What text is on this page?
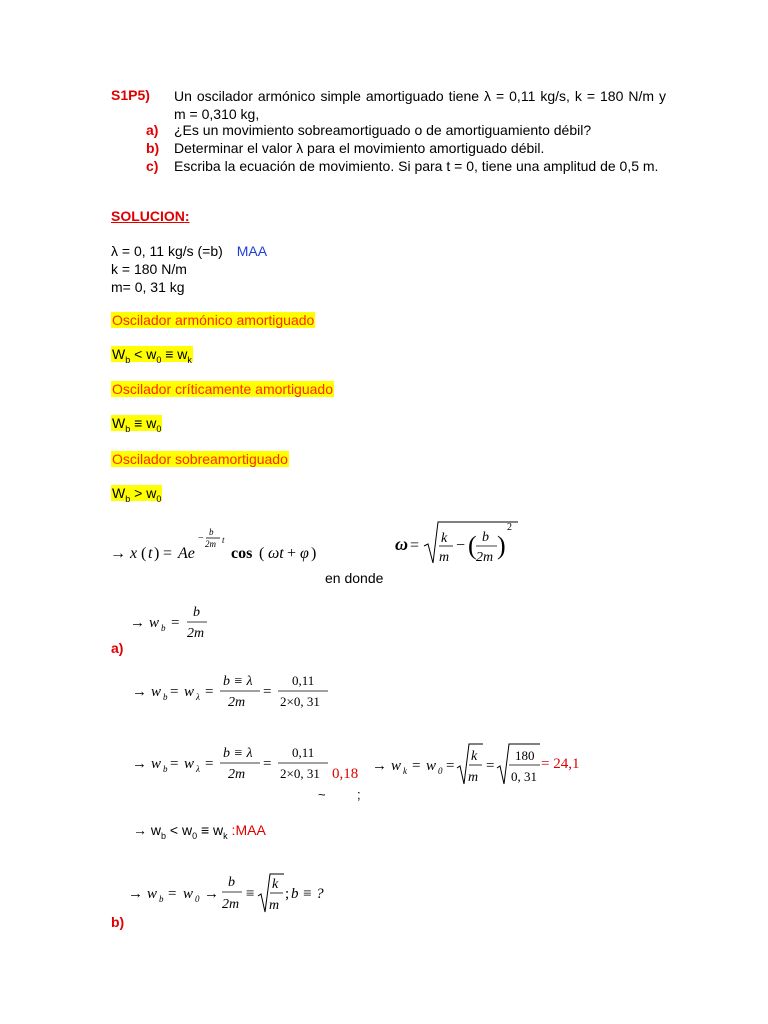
S1P5) Un oscilador armónico simple amortiguado tiene λ = 0,11 kg/s, k = 180 N/m y m = 0,310 kg,

a) ¿Es un movimiento sobreamortiguado o de amortiguamiento débil?
b) Determinar el valor λ para el movimiento amortiguado débil.
c) Escriba la ecuación de movimiento. Si para t = 0, tiene una amplitud de 0,5 m.
SOLUCION:
λ = 0, 11 kg/s (=b) MAA
k = 180 N/m
m= 0, 31 kg
Oscilador armónico amortiguado
$W_b < w_0 \equiv w_k$
Oscilador críticamente amortiguado
$W_b \equiv w_0$
Oscilador sobreamortiguado
$W_b > w_0$
→ x ( t ) = Ae
−
b
2m t
cos ( ωt + φ )	ω = k
m
− ( b
2m )
2
en donde
→ w b =
b
2m
a)
→ w b = w λ =
b ≡ λ
2m
=
0,11
2×0, 31
→ w b = w λ =
b ≡ λ
2m
=
0,11
2×0, 31 0,18
~ ;
→ w k = w 0 =
k
m
=
180
0, 31
= 24,1
→ $w_b < w_0 \equiv w_k$ :MAA
→ w b = w 0 →
b
2m
≡
k
m
; b ≡ ?
b)
